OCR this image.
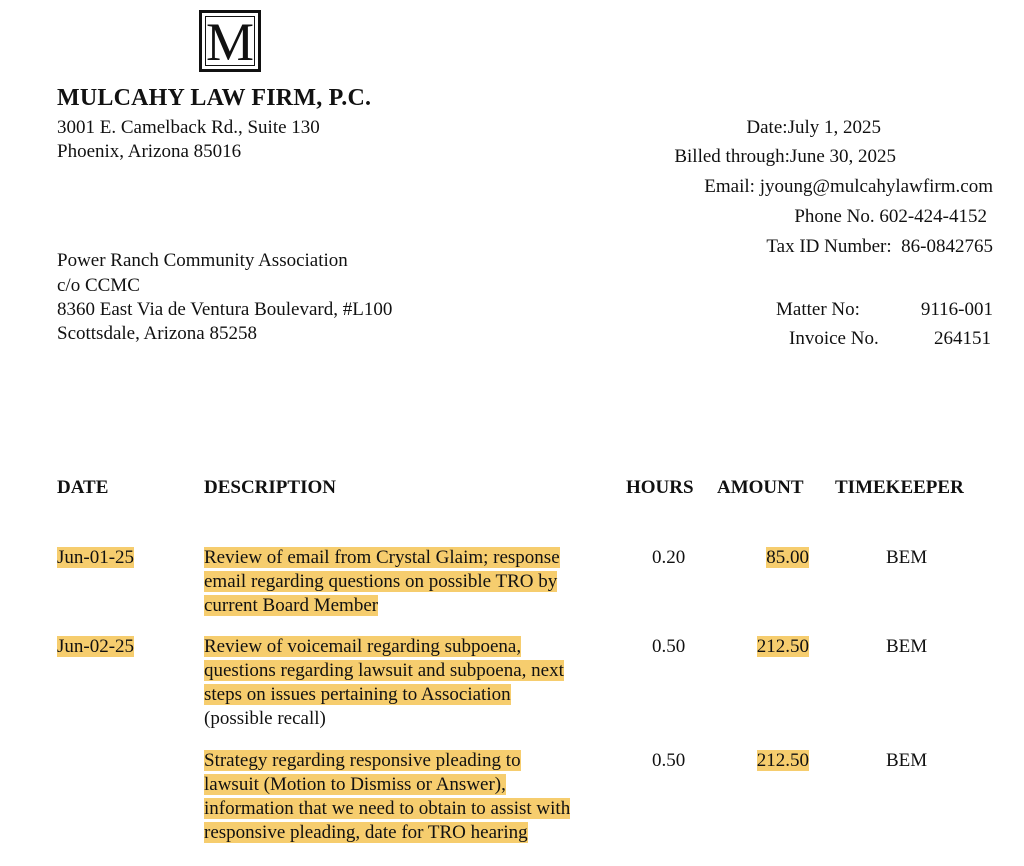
M
MULCAHY LAW FIRM, P.C.
3001 E. Camelback Rd., Suite 130
Phoenix, Arizona 85016
Date:July 1, 2025
Billed through:June 30, 2025
Email: jyoung@mulcahylawfirm.com
Phone No. 602-424-4152
Tax ID Number: 86-0842765
Power Ranch Community Association
c/o CCMC
8360 East Via de Ventura Boulevard, #L100
Scottsdale, Arizona 85258
Matter No:	9116-001
Invoice No.	264151
DATE	DESCRIPTION	HOURS AMOUNT TIMEKEEPER
Jun-01-25	Review of email from Crystal Glaim; response
email regarding questions on possible TRO by
current Board Member
0.20	85.00	BEM
Jun-02-25	Review of voicemail regarding subpoena,
questions regarding lawsuit and subpoena, next
steps on issues pertaining to Association
(possible recall)
0.50	212.50	BEM
Strategy regarding responsive pleading to
lawsuit (Motion to Dismiss or Answer),
information that we need to obtain to assist with
responsive pleading, date for TRO hearing
0.50	212.50	BEM
